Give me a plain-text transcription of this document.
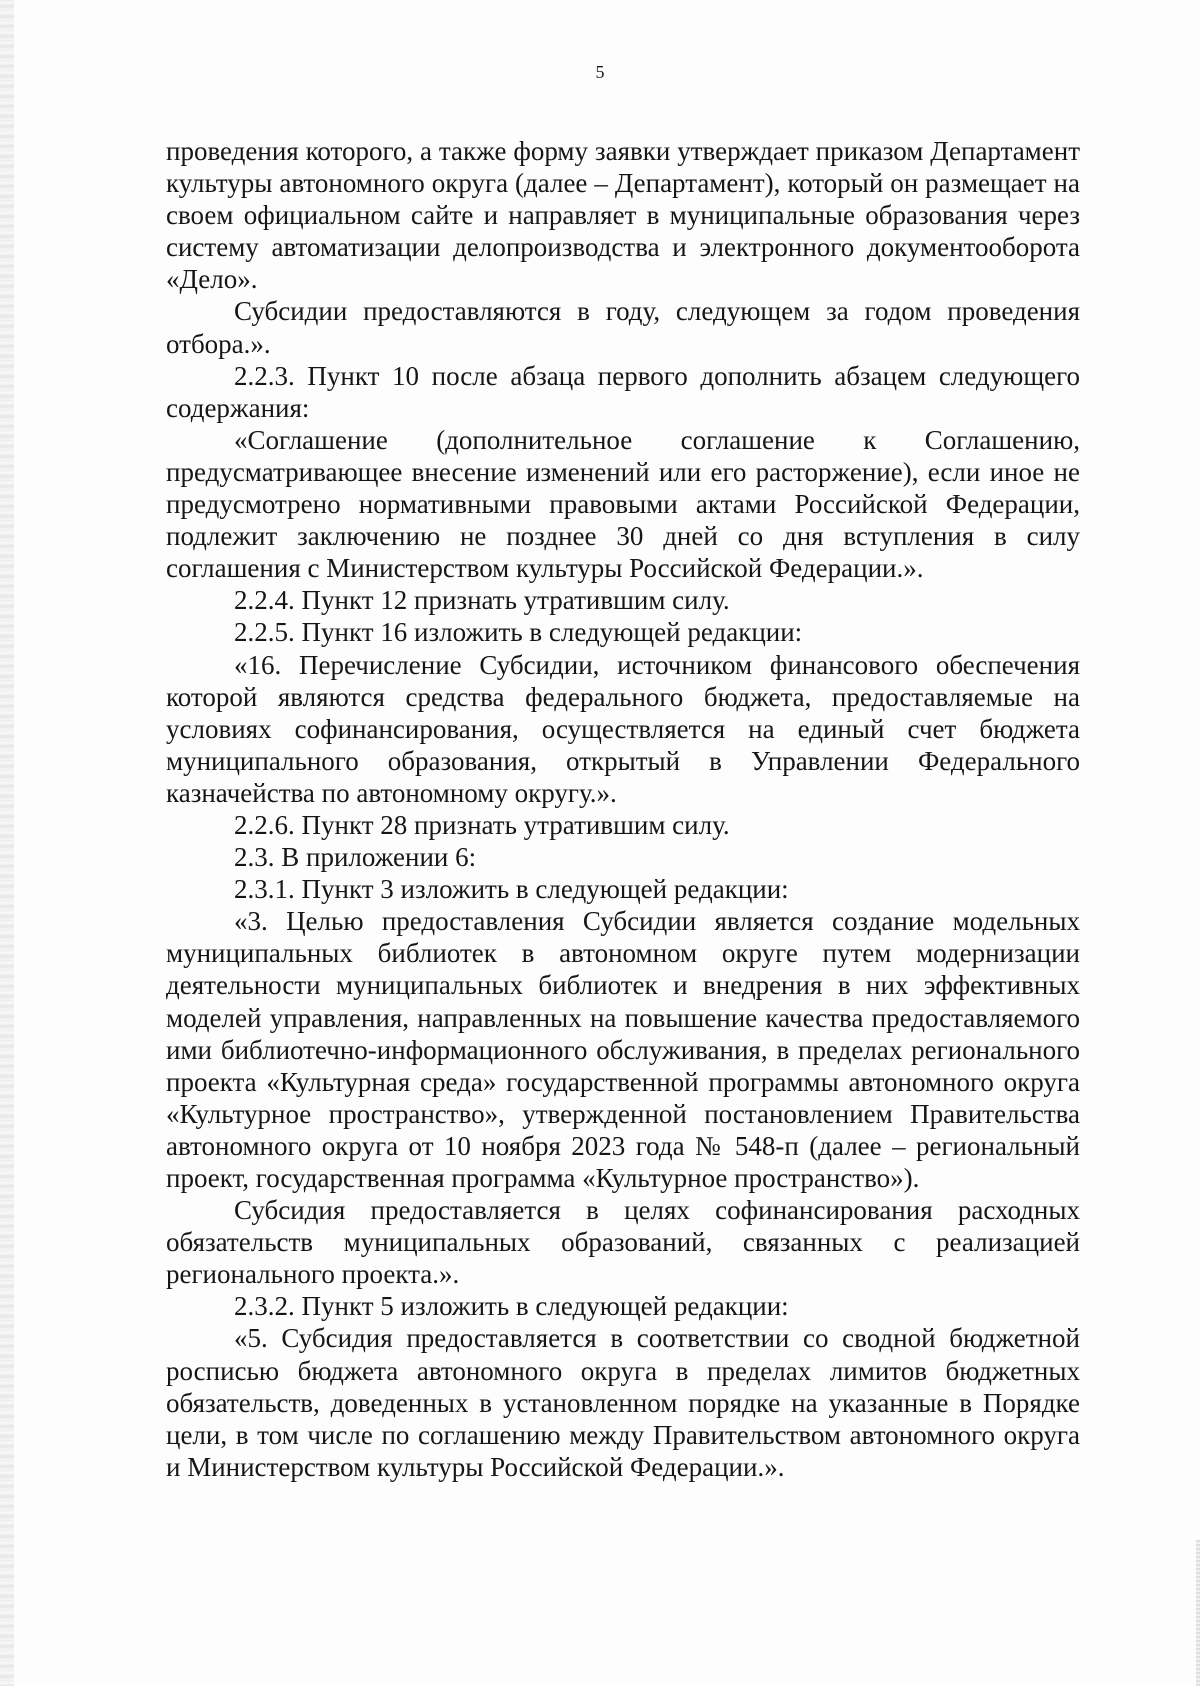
5

проведения которого, а также форму заявки утверждает приказом Департамент культуры автономного округа (далее – Департамент), который он размещает на своем официальном сайте и направляет в муниципальные образования через систему автоматизации делопроизводства и электронного документооборота «Дело».

Субсидии предоставляются в году, следующем за годом проведения отбора.».

2.2.3. Пункт 10 после абзаца первого дополнить абзацем следующего содержания:

«Соглашение (дополнительное соглашение к Соглашению, предусматривающее внесение изменений или его расторжение), если иное не предусмотрено нормативными правовыми актами Российской Федерации, подлежит заключению не позднее 30 дней со дня вступления в силу соглашения с Министерством культуры Российской Федерации.».

2.2.4. Пункт 12 признать утратившим силу.

2.2.5. Пункт 16 изложить в следующей редакции:

«16. Перечисление Субсидии, источником финансового обеспечения которой являются средства федерального бюджета, предоставляемые на условиях софинансирования, осуществляется на единый счет бюджета муниципального образования, открытый в Управлении Федерального казначейства по автономному округу.».

2.2.6. Пункт 28 признать утратившим силу.

2.3. В приложении 6:

2.3.1. Пункт 3 изложить в следующей редакции:

«3. Целью предоставления Субсидии является создание модельных муниципальных библиотек в автономном округе путем модернизации деятельности муниципальных библиотек и внедрения в них эффективных моделей управления, направленных на повышение качества предоставляемого ими библиотечно-информационного обслуживания, в пределах регионального проекта «Культурная среда» государственной программы автономного округа «Культурное пространство», утвержденной постановлением Правительства автономного округа от 10 ноября 2023 года № 548-п (далее – региональный проект, государственная программа «Культурное пространство»).

Субсидия предоставляется в целях софинансирования расходных обязательств муниципальных образований, связанных с реализацией регионального проекта.».

2.3.2. Пункт 5 изложить в следующей редакции:

«5. Субсидия предоставляется в соответствии со сводной бюджетной росписью бюджета автономного округа в пределах лимитов бюджетных обязательств, доведенных в установленном порядке на указанные в Порядке цели, в том числе по соглашению между Правительством автономного округа и Министерством культуры Российской Федерации.».
